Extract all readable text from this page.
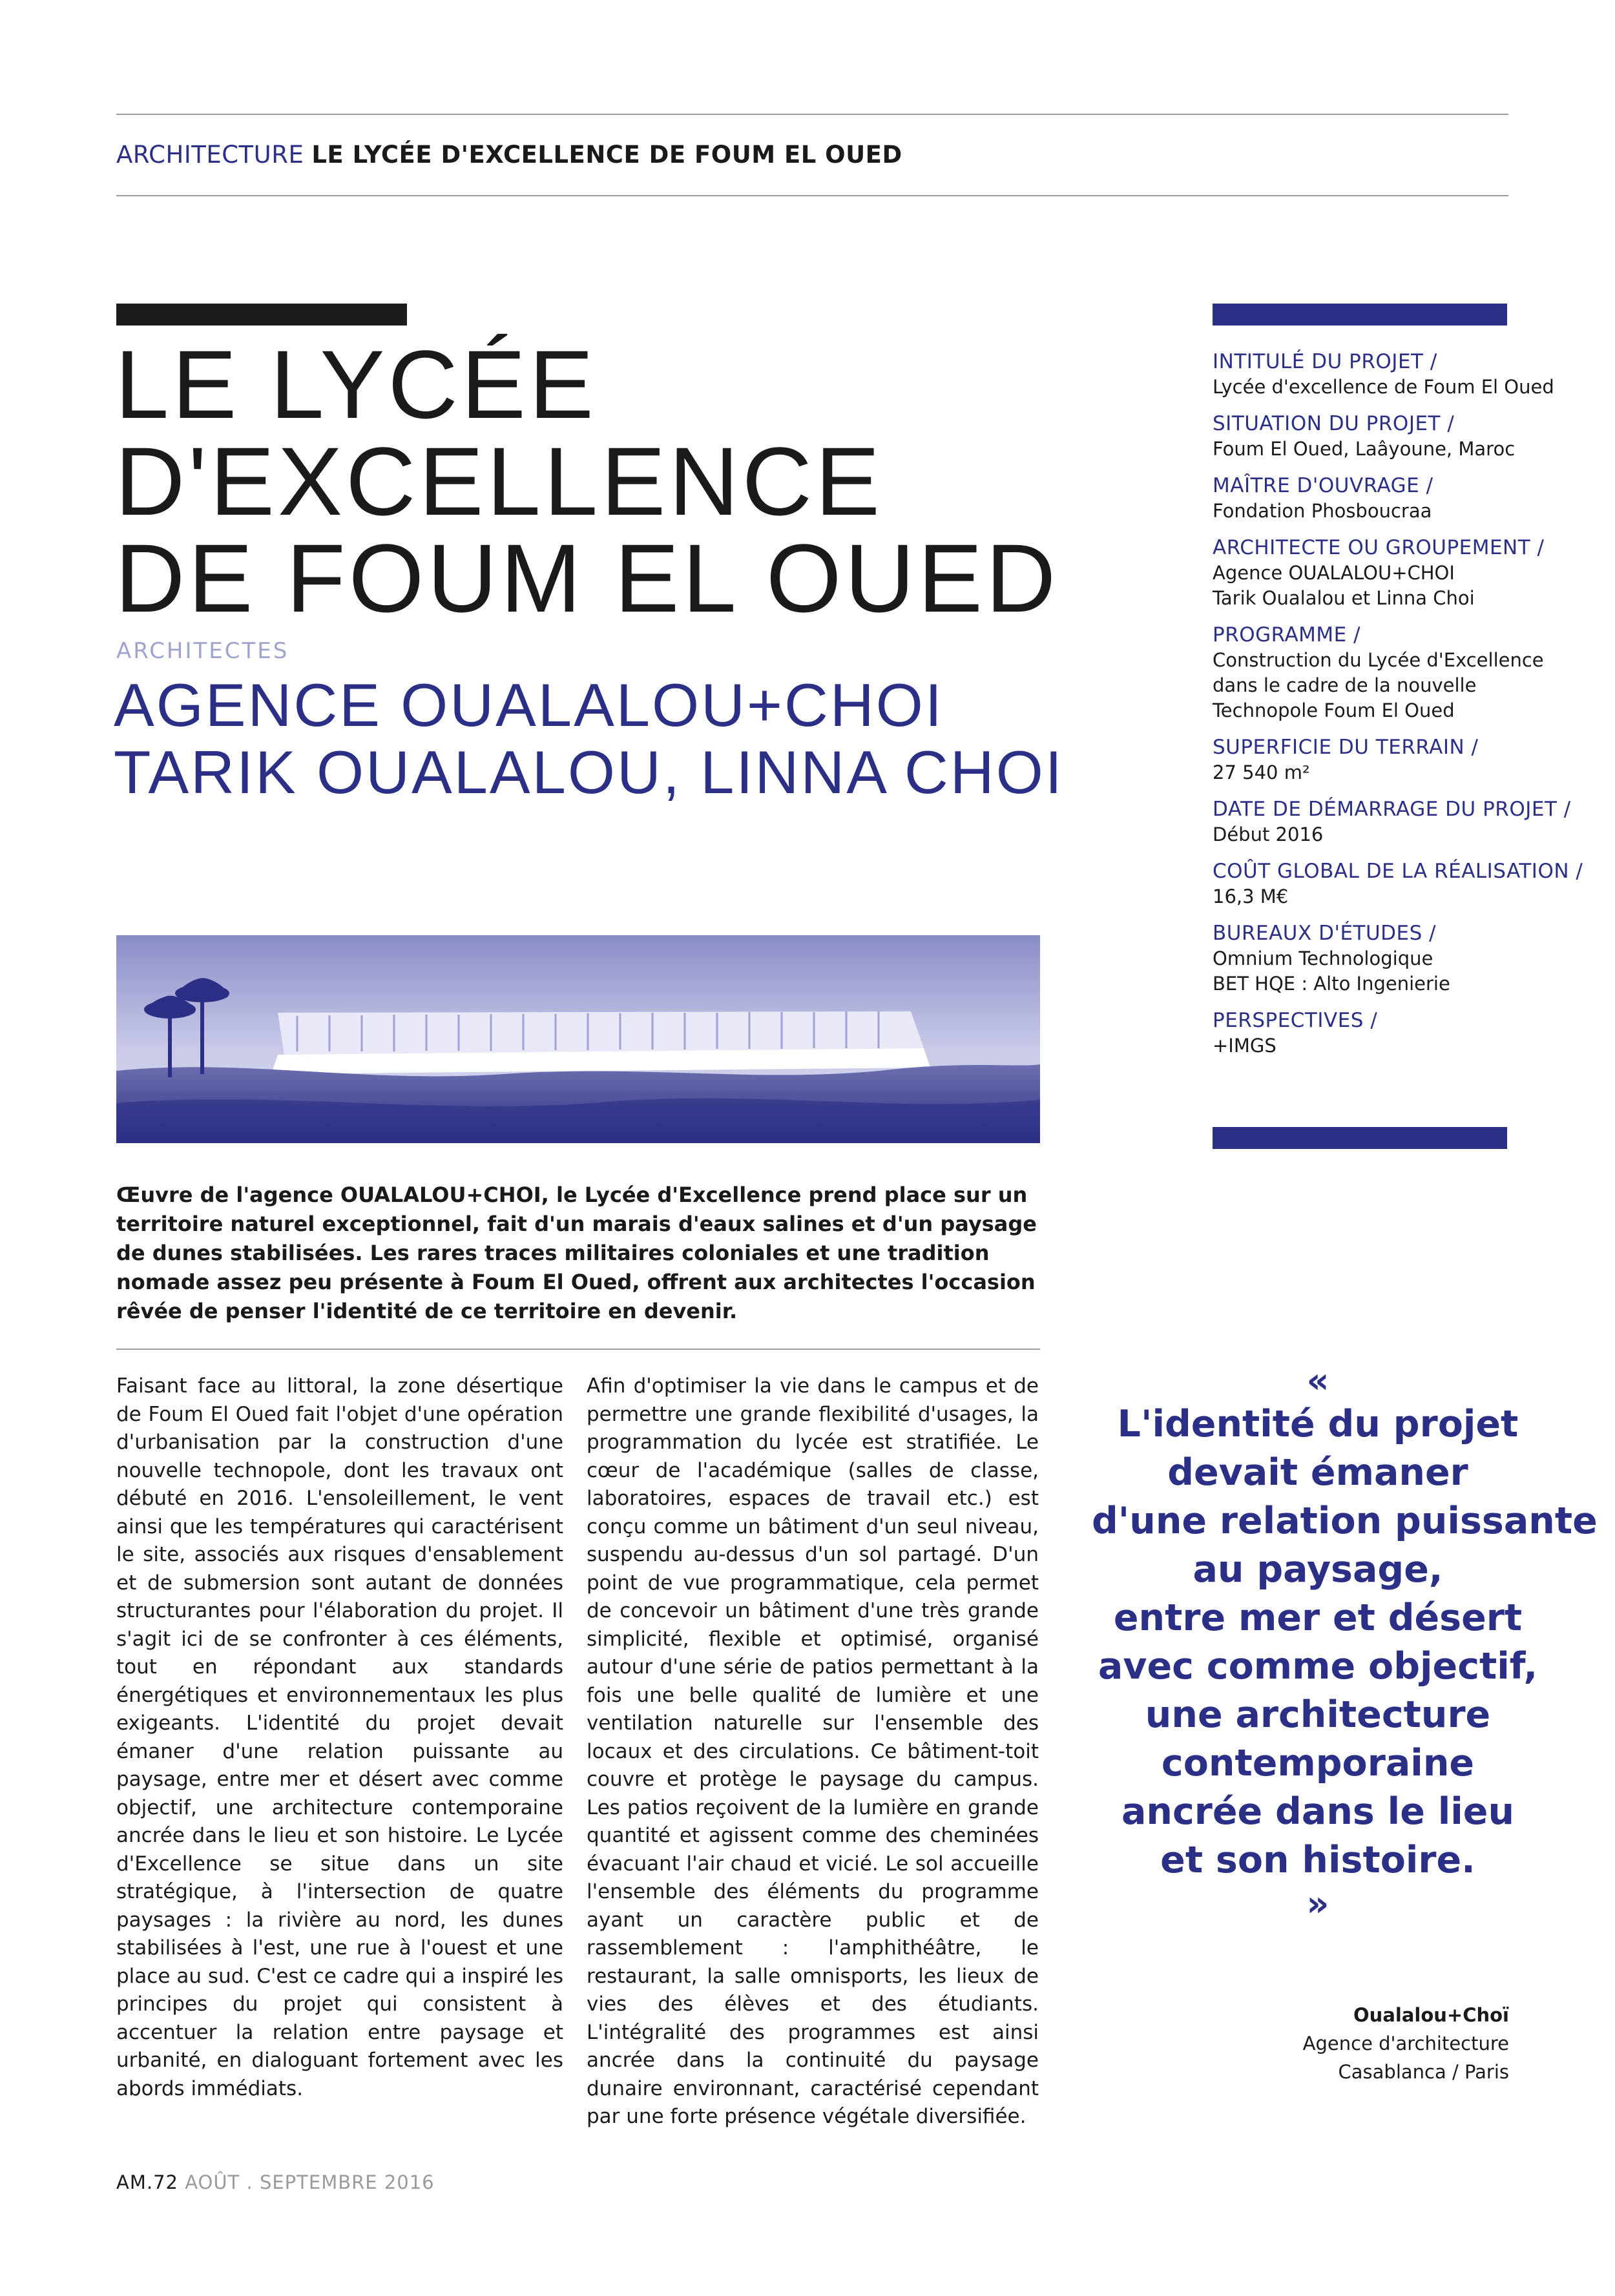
ARCHITECTURE LE LYCÉE D'EXCELLENCE DE FOUM EL OUED
LE LYCÉE
D'EXCELLENCE
DE FOUM EL OUED
ARCHITECTES
AGENCE OUALALOU+CHOI
TARIK OUALALOU, LINNA CHOI
INTITULÉ DU PROJET /
Lycée d'excellence de Foum El Oued
SITUATION DU PROJET /
Foum El Oued, Laâyoune, Maroc
MAÎTRE D'OUVRAGE /
Fondation Phosboucraa
ARCHITECTE OU GROUPEMENT /
Agence OUALALOU+CHOI
Tarik Oualalou et Linna Choi
PROGRAMME /
Construction du Lycée d'Excellence
dans le cadre de la nouvelle
Technopole Foum El Oued
SUPERFICIE DU TERRAIN /
27 540 m²
DATE DE DÉMARRAGE DU PROJET /
Début 2016
COÛT GLOBAL DE LA RÉALISATION /
16,3 M€
BUREAUX D'ÉTUDES /
Omnium Technologique
BET HQE : Alto Ingenierie
PERSPECTIVES /
+IMGS
Œuvre de l'agence OUALALOU+CHOI, le Lycée d'Excellence prend place sur un territoire naturel exceptionnel, fait d'un marais d'eaux salines et d'un paysage de dunes stabilisées. Les rares traces militaires coloniales et une tradition nomade assez peu présente à Foum El Oued, offrent aux architectes l'occasion rêvée de penser l'identité de ce territoire en devenir.
Faisant face au littoral, la zone désertique de Foum El Oued fait l'objet d'une opération d'urbanisation par la construction d'une nouvelle technopole, dont les travaux ont débuté en 2016. L'ensoleillement, le vent ainsi que les températures qui caractérisent le site, associés aux risques d'ensablement et de submersion sont autant de données structurantes pour l'élaboration du projet. Il s'agit ici de se confronter à ces éléments, tout en répondant aux standards énergétiques et environnementaux les plus exigeants. L'identité du projet devait émaner d'une relation puissante au paysage, entre mer et désert avec comme objectif, une architecture contemporaine ancrée dans le lieu et son histoire. Le Lycée d'Excellence se situe dans un site stratégique, à l'intersection de quatre paysages : la rivière au nord, les dunes stabilisées à l'est, une rue à l'ouest et une place au sud. C'est ce cadre qui a inspiré les principes du projet qui consistent à accentuer la relation entre paysage et urbanité, en dialoguant fortement avec les abords immédiats.
Afin d'optimiser la vie dans le campus et de permettre une grande flexibilité d'usages, la programmation du lycée est stratifiée. Le cœur de l'académique (salles de classe, laboratoires, espaces de travail etc.) est conçu comme un bâtiment d'un seul niveau, suspendu au-dessus d'un sol partagé. D'un point de vue programmatique, cela permet de concevoir un bâtiment d'une très grande simplicité, flexible et optimisé, organisé autour d'une série de patios permettant à la fois une belle qualité de lumière et une ventilation naturelle sur l'ensemble des locaux et des circulations. Ce bâtiment-toit couvre et protège le paysage du campus. Les patios reçoivent de la lumière en grande quantité et agissent comme des cheminées évacuant l'air chaud et vicié. Le sol accueille l'ensemble des éléments du programme ayant un caractère public et de rassemblement : l'amphithéâtre, le restaurant, la salle omnisports, les lieux de vies des élèves et des étudiants. L'intégralité des programmes est ainsi ancrée dans la continuité du paysage dunaire environnant, caractérisé cependant par une forte présence végétale diversifiée.
«
L'identité du projet
devait émaner
d'une relation puissante
au paysage,
entre mer et désert
avec comme objectif,
une architecture
contemporaine
ancrée dans le lieu
et son histoire.
»
Oualalou+Choï
Agence d'architecture
Casablanca / Paris
AM.72 AOÛT . SEPTEMBRE 2016
